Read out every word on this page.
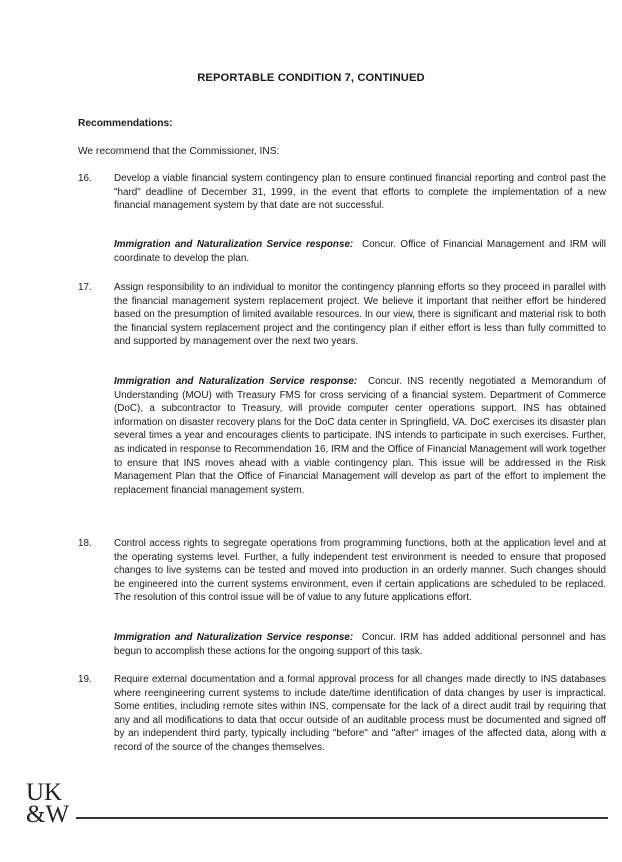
REPORTABLE CONDITION 7, CONTINUED
Recommendations:
We recommend that the Commissioner, INS:
16.	Develop a viable financial system contingency plan to ensure continued financial reporting and control past the "hard" deadline of December 31, 1999, in the event that efforts to complete the implementation of a new financial management system by that date are not successful.

Immigration and Naturalization Service response: Concur. Office of Financial Management and IRM will coordinate to develop the plan.

17.	Assign responsibility to an individual to monitor the contingency planning efforts so they proceed in parallel with the financial management system replacement project. We believe it important that neither effort be hindered based on the presumption of limited available resources. In our view, there is significant and material risk to both the financial system replacement project and the contingency plan if either effort is less than fully committed to and supported by management over the next two years.

Immigration and Naturalization Service response: Concur. INS recently negotiated a Memorandum of Understanding (MOU) with Treasury FMS for cross servicing of a financial system. Department of Commerce (DoC), a subcontractor to Treasury, will provide computer center operations support. INS has obtained information on disaster recovery plans for the DoC data center in Springfield, VA. DoC exercises its disaster plan several times a year and encourages clients to participate. INS intends to participate in such exercises. Further, as indicated in response to Recommendation 16, IRM and the Office of Financial Management will work together to ensure that INS moves ahead with a viable contingency plan. This issue will be addressed in the Risk Management Plan that the Office of Financial Management will develop as part of the effort to implement the replacement financial management system.

18.	Control access rights to segregate operations from programming functions, both at the application level and at the operating systems level. Further, a fully independent test environment is needed to ensure that proposed changes to live systems can be tested and moved into production in an orderly manner. Such changes should be engineered into the current systems environment, even if certain applications are scheduled to be replaced. The resolution of this control issue will be of value to any future applications effort.

Immigration and Naturalization Service response: Concur. IRM has added additional personnel and has begun to accomplish these actions for the ongoing support of this task.

19.	Require external documentation and a formal approval process for all changes made directly to INS databases where reengineering current systems to include date/time identification of data changes by user is impractical. Some entities, including remote sites within INS, compensate for the lack of a direct audit trail by requiring that any and all modifications to data that occur outside of an auditable process must be documented and signed off by an independent third party, typically including "before" and "after" images of the affected data, along with a record of the source of the changes themselves.

UK
&W
